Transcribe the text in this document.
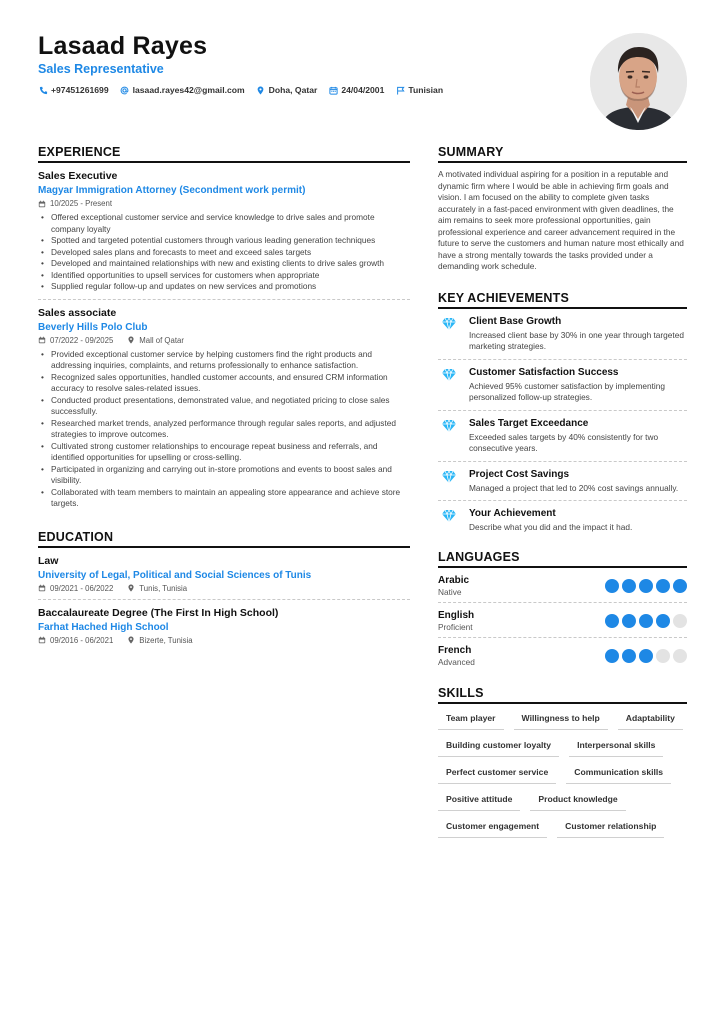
Lasaad Rayes
Sales Representative
+97451261699	lasaad.rayes42@gmail.com	Doha, Qatar	24/04/2001	Tunisian
EXPERIENCE
Sales Executive
Magyar Immigration Attorney (Secondment work permit)
10/2025 - Present
• Offered exceptional customer service and service knowledge to drive sales and promote company loyalty
• Spotted and targeted potential customers through various leading generation techniques
• Developed sales plans and forecasts to meet and exceed sales targets
• Developed and maintained relationships with new and existing clients to drive sales growth
• Identified opportunities to upsell services for customers when appropriate
• Supplied regular follow-up and updates on new services and promotions
Sales associate
Beverly Hills Polo Club
07/2022 - 09/2025	Mall of Qatar
• Provided exceptional customer service by helping customers find the right products and addressing inquiries, complaints, and returns professionally to enhance satisfaction.
• Recognized sales opportunities, handled customer accounts, and ensured CRM information accuracy to resolve sales-related issues.
• Conducted product presentations, demonstrated value, and negotiated pricing to close sales successfully.
• Researched market trends, analyzed performance through regular sales reports, and adjusted strategies to improve outcomes.
• Cultivated strong customer relationships to encourage repeat business and referrals, and identified opportunities for upselling or cross-selling.
• Participated in organizing and carrying out in-store promotions and events to boost sales and visibility.
• Collaborated with team members to maintain an appealing store appearance and achieve store targets.
EDUCATION
Law
University of Legal, Political and Social Sciences of Tunis
09/2021 - 06/2022	Tunis, Tunisia
Baccalaureate Degree (The First In High School)
Farhat Hached High School
09/2016 - 06/2021	Bizerte, Tunisia
SUMMARY
A motivated individual aspiring for a position in a reputable and dynamic firm where I would be able in achieving firm goals and vision. I am focused on the ability to complete given tasks accurately in a fast-paced environment with given deadlines, the aim remains to seek more professional opportunities, gain professional experience and career advancement required in the future to serve the customers and human nature most ethically and have a strong mentally towards the tasks provided under a demanding work schedule.
KEY ACHIEVEMENTS
Client Base Growth
Increased client base by 30% in one year through targeted marketing strategies.
Customer Satisfaction Success
Achieved 95% customer satisfaction by implementing personalized follow-up strategies.
Sales Target Exceedance
Exceeded sales targets by 40% consistently for two consecutive years.
Project Cost Savings
Managed a project that led to 20% cost savings annually.
Your Achievement
Describe what you did and the impact it had.
LANGUAGES
Arabic
Native
English
Proficient
French
Advanced
SKILLS
Team player	Willingness to help	Adaptability
Building customer loyalty	Interpersonal skills
Perfect customer service	Communication skills
Positive attitude	Product knowledge
Customer engagement	Customer relationship
